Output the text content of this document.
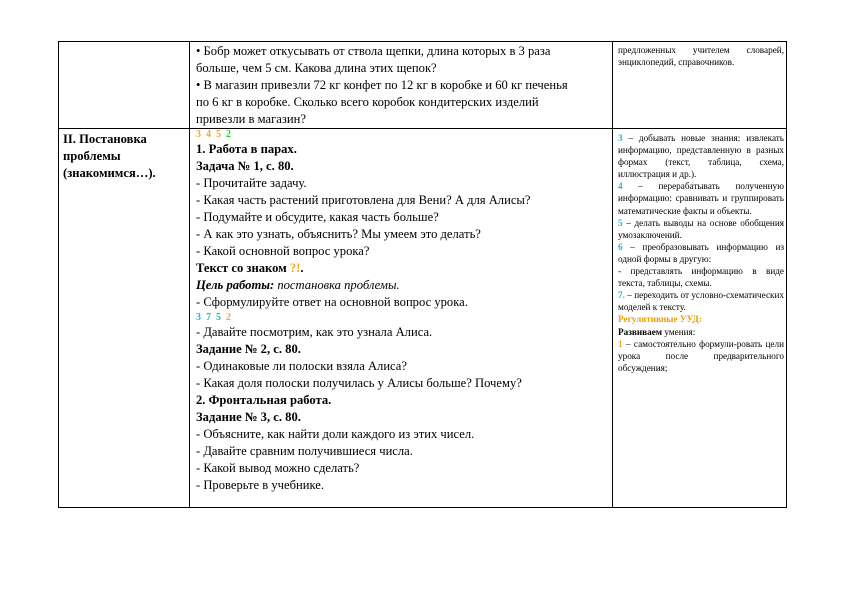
• Бобр может откусывать от ствола щепки, длина которых в 3 раза
больше, чем 5 см. Какова длина этих щепок?
• В магазин привезли 72 кг конфет по 12 кг в коробке и 60 кг печенья
по 6 кг в коробке. Сколько всего коробок кондитерских изделий
привезли в магазин?

предложенных учителем словарей, энциклопедий, справочников.

II. Постановка
проблемы
(знакомимся…).
3 4 5 2
1. Работа в парах.
Задача № 1, с. 80.
- Прочитайте задачу.
- Какая часть растений приготовлена для Вени? А для Алисы?
- Подумайте и обсудите, какая часть больше?
- А как это узнать, объяснить? Мы умеем это делать?
- Какой основной вопрос урока?
Текст со знаком ?!.
Цель работы: постановка проблемы.
- Сформулируйте ответ на основной вопрос урока.
3 7 5 2
- Давайте посмотрим, как это узнала Алиса.
Задание № 2, с. 80.
- Одинаковые ли полоски взяла Алиса?
- Какая доля полоски получилась у Алисы больше? Почему?
2. Фронтальная работа.
Задание № 3, с. 80.
- Объясните, как найти доли каждого из этих чисел.
- Давайте сравним получившиеся числа.
- Какой вывод можно сделать?
- Проверьте в учебнике.

3 – добывать новые знания: извлекать информацию, представленную в разных формах (текст, таблица, схема, иллюстрация и др.).

4 – перерабатывать полученную информацию: сравнивать и группировать математические факты и объекты.

5 – делать выводы на основе обобщения умозаключений.

6 – преобразовывать информацию из одной формы в другую:

- представлять информацию в виде текста, таблицы, схемы.

7. – переходить от условно-схематических моделей к тексту.

Регулятивные УУД:

Развиваем умения:

1 – самостоятельно формули-ровать цели урока после предварительного обсуждения;
